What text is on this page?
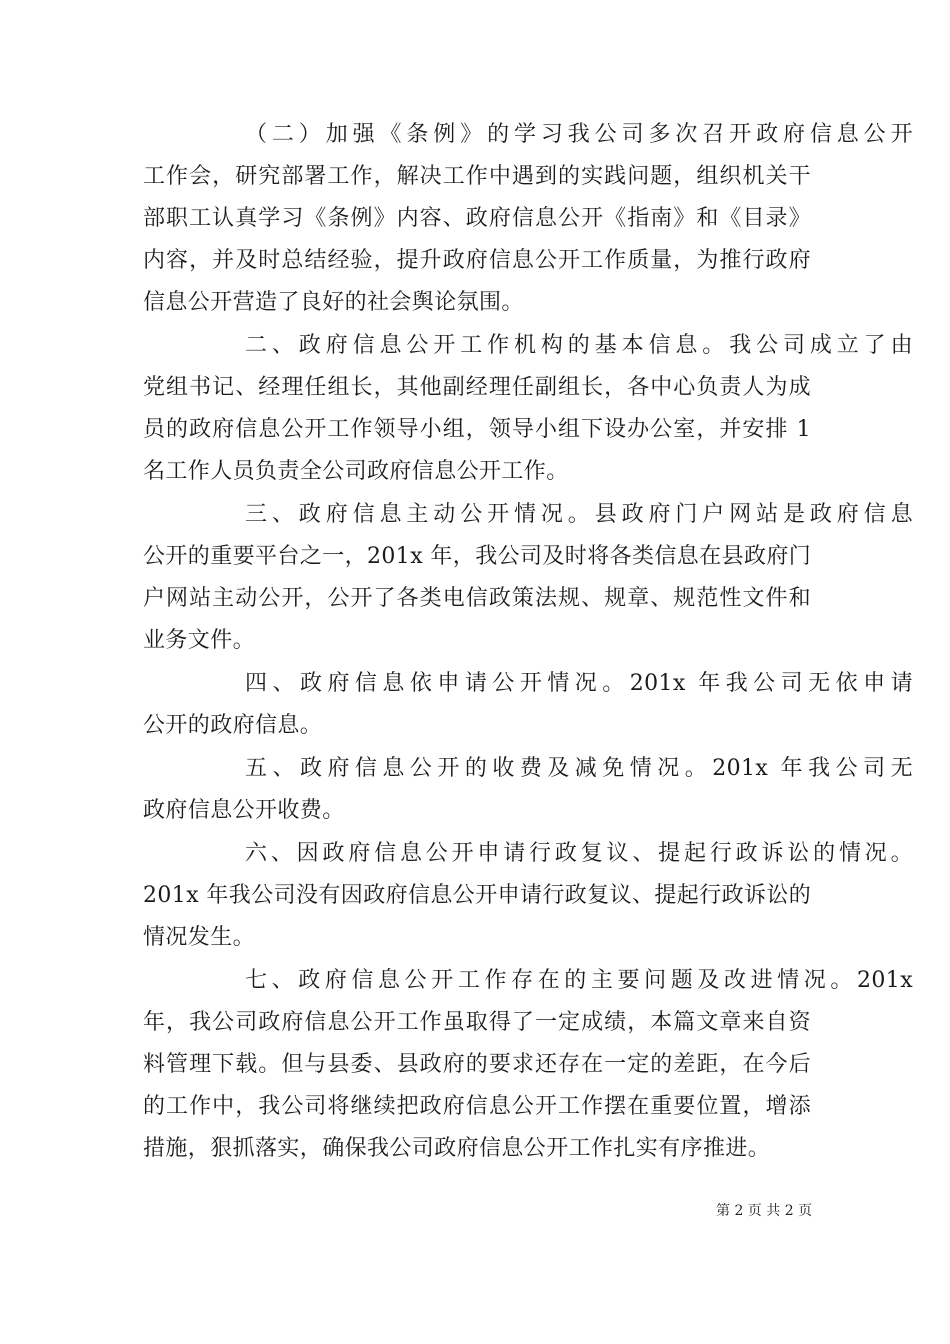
（二）加强《条例》的学习我公司多次召开政府信息公开
工作会，研究部署工作，解决工作中遇到的实践问题，组织机关干
部职工认真学习《条例》内容、政府信息公开《指南》和《目录》
内容，并及时总结经验，提升政府信息公开工作质量，为推行政府
信息公开营造了良好的社会舆论氛围。
二、政府信息公开工作机构的基本信息。我公司成立了由
党组书记、经理任组长，其他副经理任副组长，各中心负责人为成
员的政府信息公开工作领导小组，领导小组下设办公室，并安排 1
名工作人员负责全公司政府信息公开工作。
三、政府信息主动公开情况。县政府门户网站是政府信息
公开的重要平台之一，201x 年，我公司及时将各类信息在县政府门
户网站主动公开，公开了各类电信政策法规、规章、规范性文件和
业务文件。
四、政府信息依申请公开情况。201x 年我公司无依申请
公开的政府信息。
五、政府信息公开的收费及减免情况。201x 年我公司无
政府信息公开收费。
六、因政府信息公开申请行政复议、提起行政诉讼的情况。
201x 年我公司没有因政府信息公开申请行政复议、提起行政诉讼的
情况发生。
七、政府信息公开工作存在的主要问题及改进情况。201x
年，我公司政府信息公开工作虽取得了一定成绩，本篇文章来自资
料管理下载。但与县委、县政府的要求还存在一定的差距，在今后
的工作中，我公司将继续把政府信息公开工作摆在重要位置，增添
措施，狠抓落实，确保我公司政府信息公开工作扎实有序推进。
第 2 页 共 2 页
